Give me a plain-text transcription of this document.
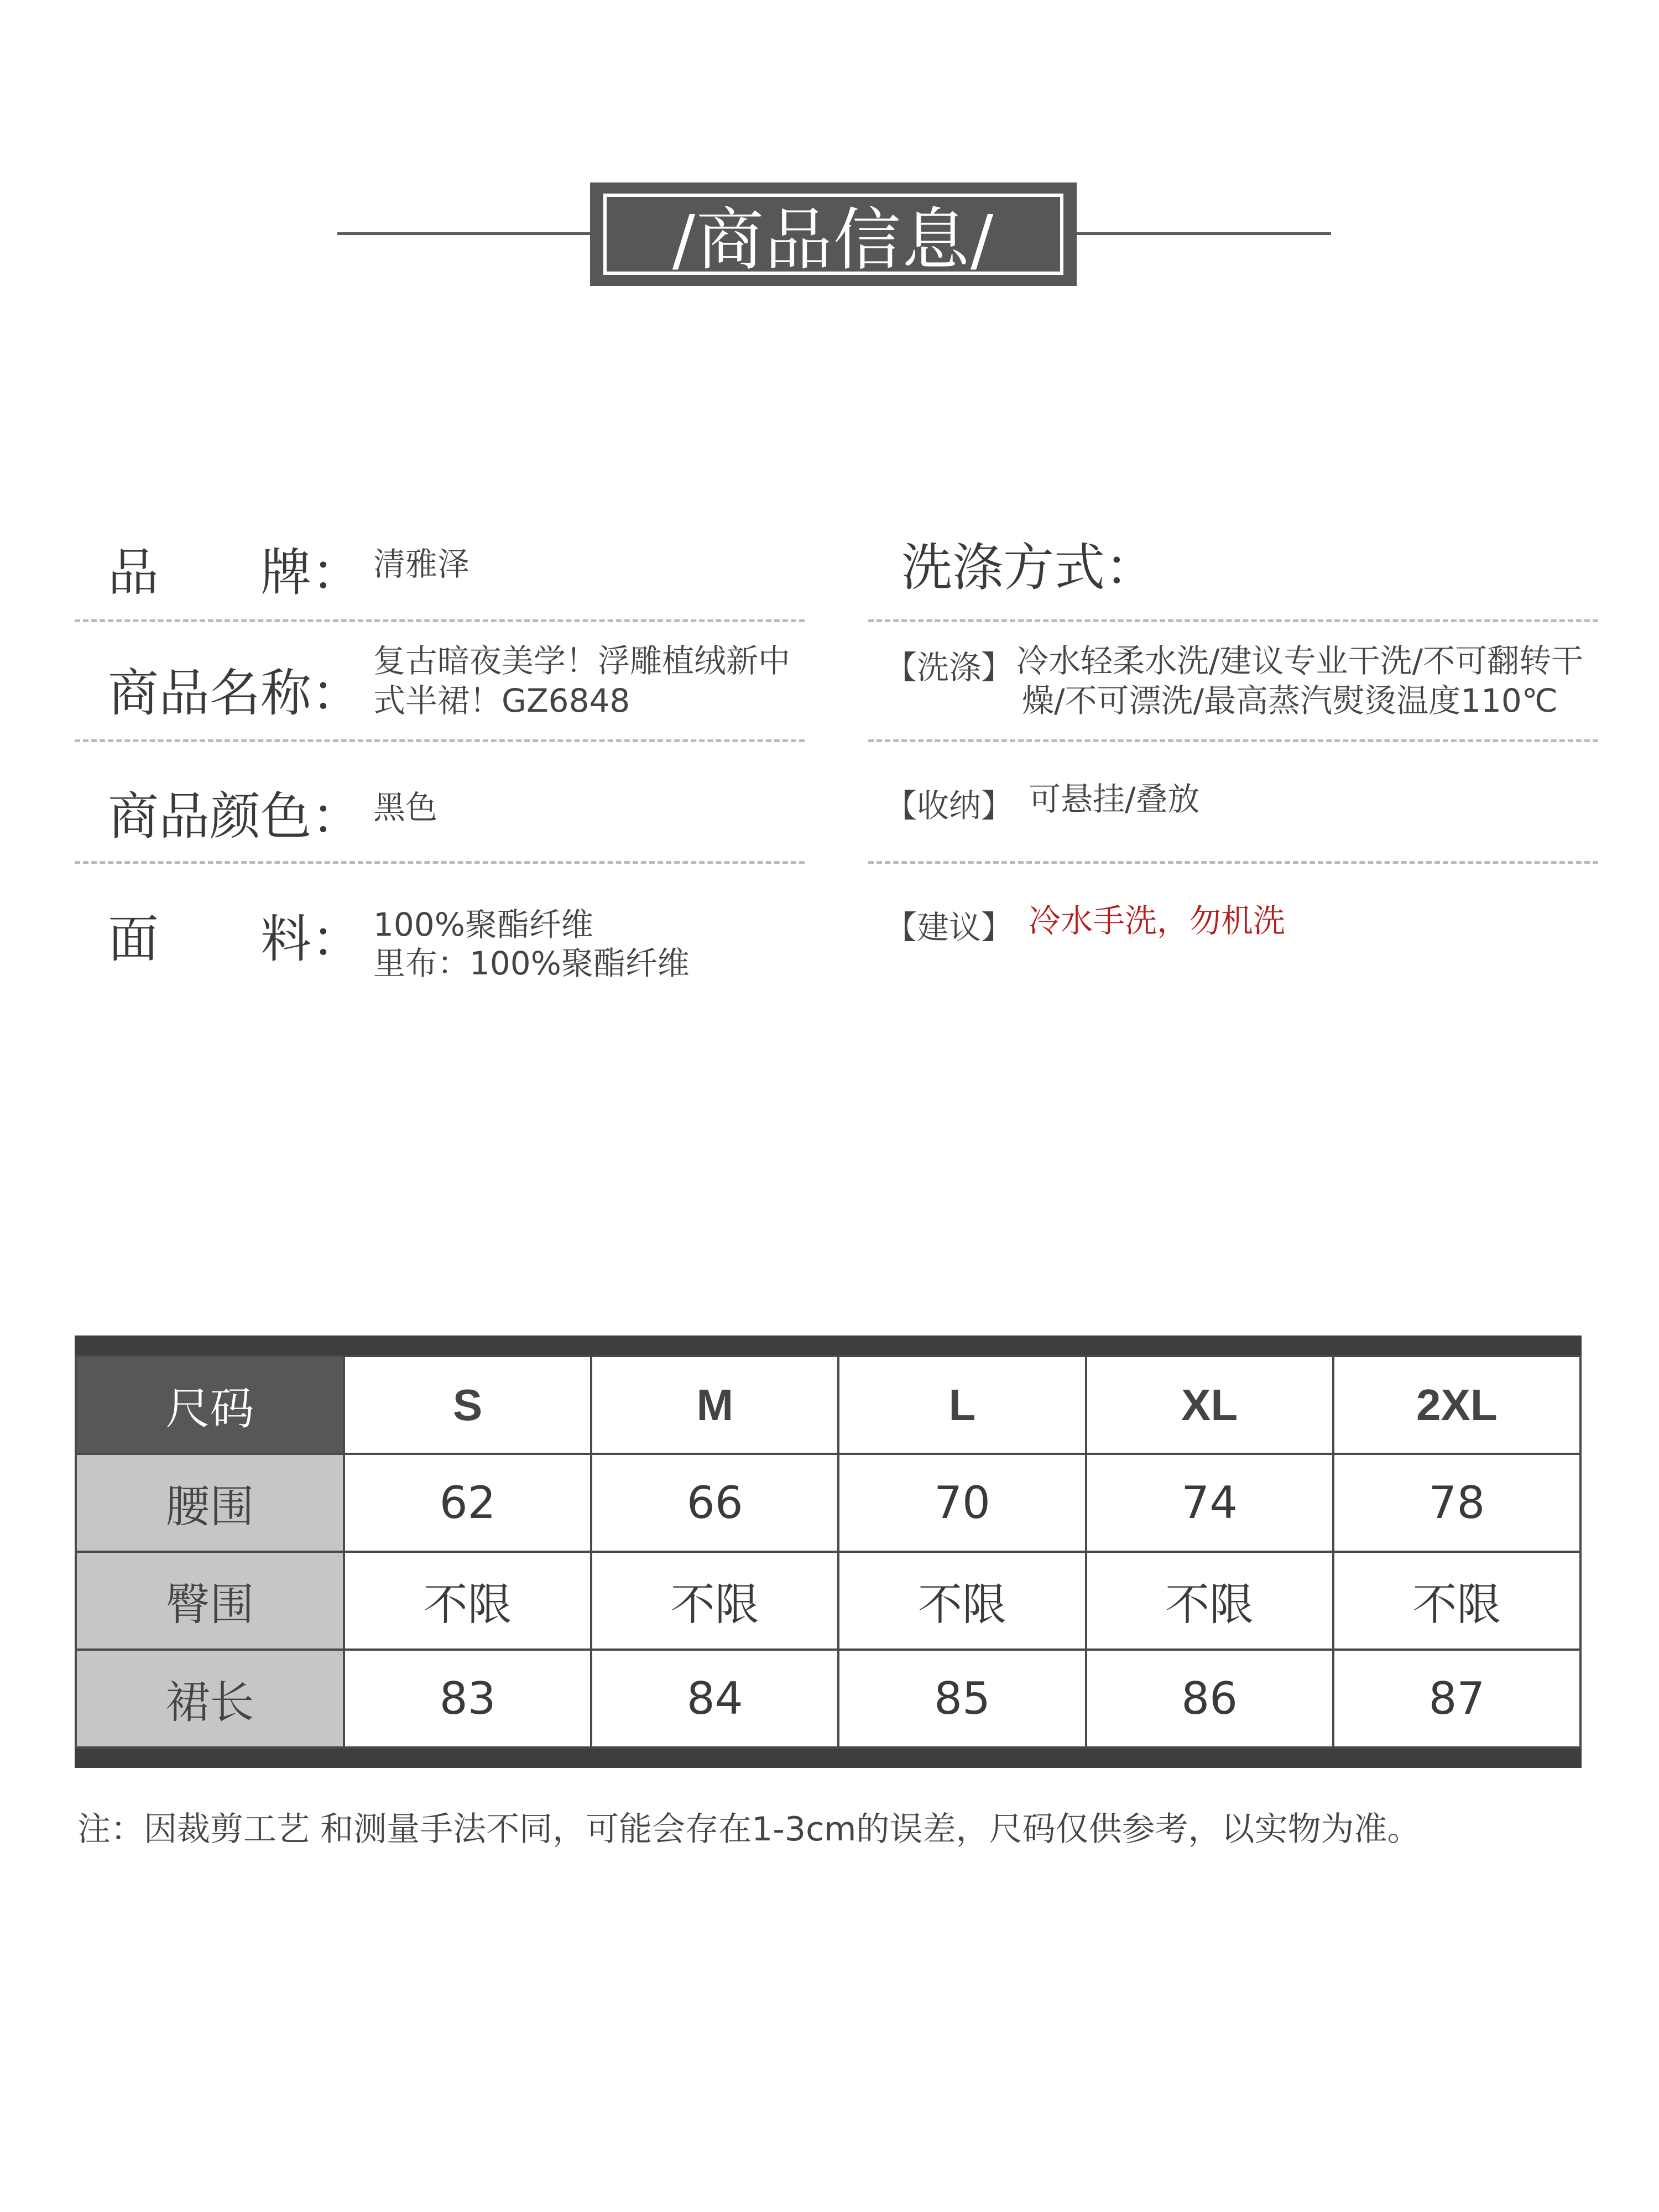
/商品信息/
品　　牌： 清雅泽
商品名称：
复古暗夜美学！浮雕植绒新中
式半裙！GZ6848
商品颜色： 黑色
面　　料： 100%聚酯纤维
里布：100%聚酯纤维
洗涤方式：
【洗涤】 冷水轻柔水洗/建议专业干洗/不可翻转干
燥/不可漂洗/最高蒸汽熨烫温度110℃
【收纳】 可悬挂/叠放
【建议】 冷水手洗，勿机洗
尺码	S	M	L	XL	2XL
腰围	62	66	70	74	78
臀围	不限	不限	不限	不限	不限
裙长	83	84	85	86	87
注：因裁剪工艺 和测量手法不同，可能会存在1-3cm的误差，尺码仅供参考，以实物为准。
